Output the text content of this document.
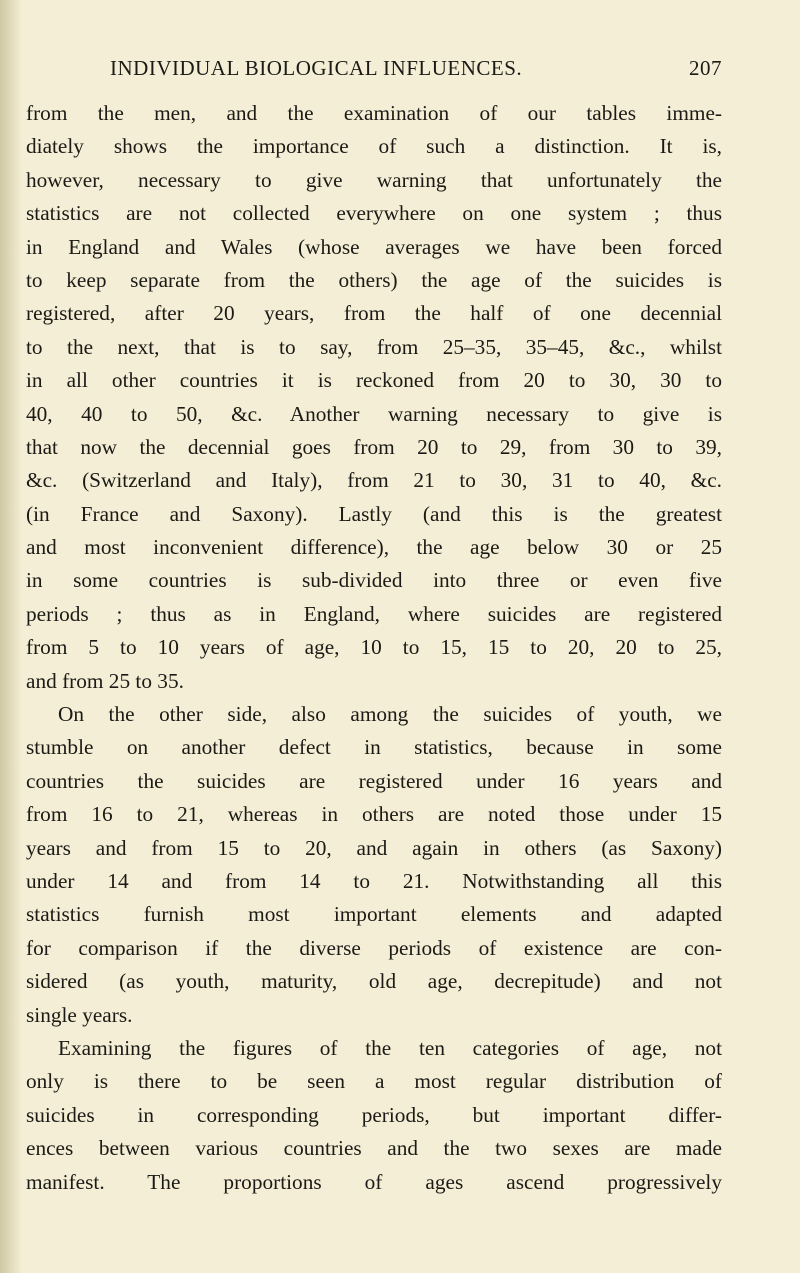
INDIVIDUAL BIOLOGICAL INFLUENCES.	207
from the men, and the examination of our tables imme-
diately shows the importance of such a distinction. It is,
however, necessary to give warning that unfortunately the
statistics are not collected everywhere on one system ; thus
in England and Wales (whose averages we have been forced
to keep separate from the others) the age of the suicides is
registered, after 20 years, from the half of one decennial
to the next, that is to say, from 25–35, 35–45, &c., whilst
in all other countries it is reckoned from 20 to 30, 30 to
40, 40 to 50, &c. Another warning necessary to give is
that now the decennial goes from 20 to 29, from 30 to 39,
&c. (Switzerland and Italy), from 21 to 30, 31 to 40, &c.
(in France and Saxony). Lastly (and this is the greatest
and most inconvenient difference), the age below 30 or 25
in some countries is sub-divided into three or even five
periods ; thus as in England, where suicides are registered
from 5 to 10 years of age, 10 to 15, 15 to 20, 20 to 25,
and from 25 to 35.
On the other side, also among the suicides of youth, we
stumble on another defect in statistics, because in some
countries the suicides are registered under 16 years and
from 16 to 21, whereas in others are noted those under 15
years and from 15 to 20, and again in others (as Saxony)
under 14 and from 14 to 21. Notwithstanding all this
statistics furnish most important elements and adapted
for comparison if the diverse periods of existence are con-
sidered (as youth, maturity, old age, decrepitude) and not
single years.
Examining the figures of the ten categories of age, not
only is there to be seen a most regular distribution of
suicides in corresponding periods, but important differ-
ences between various countries and the two sexes are made
manifest. The proportions of ages ascend progressively
